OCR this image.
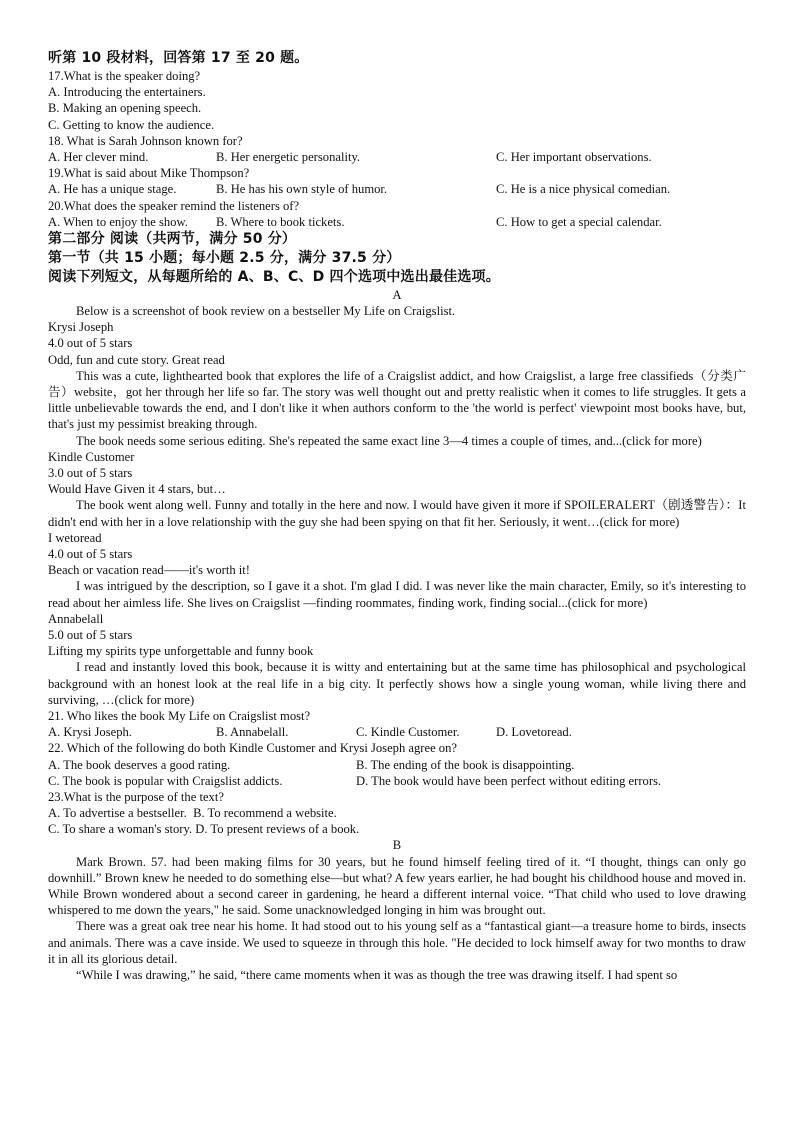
听第 10 段材料，回答第 17 至 20 题。
17.What is the speaker doing?
A. Introducing the entertainers.
B. Making an opening speech.
C. Getting to know the audience.
18. What is Sarah Johnson known for?
A. Her clever mind.	B. Her energetic personality.	C. Her important observations.
19.What is said about Mike Thompson?
A. He has a unique stage.	B. He has his own style of humor.	C. He is a nice physical comedian.
20.What does the speaker remind the listeners of?
A. When to enjoy the show.	B. Where to book tickets.	C. How to get a special calendar.
第二部分 阅读（共两节，满分 50 分）
第一节（共 15 小题；每小题 2.5 分，满分 37.5 分）
阅读下列短文，从每题所给的 A、B、C、D 四个选项中选出最佳选项。
A
Below is a screenshot of book review on a bestseller My Life on Craigslist.
Krysi Joseph
4.0 out of 5 stars
Odd, fun and cute story. Great read
This was a cute, lighthearted book that explores the life of a Craigslist addict, and how Craigslist, a large free classifieds（分类广告）website，got her through her life so far. The story was well thought out and pretty realistic when it comes to life struggles. It gets a little unbelievable towards the end, and I don't like it when authors conform to the 'the world is perfect' viewpoint most books have, but, that's just my pessimist breaking through.
The book needs some serious editing. She's repeated the same exact line 3—4 times a couple of times, and...(click for more)
Kindle Customer
3.0 out of 5 stars
Would Have Given it 4 stars, but…
The book went along well. Funny and totally in the here and now. I would have given it more if SPOILERALERT（剧透警告）：It didn't end with her in a love relationship with the guy she had been spying on that fit her. Seriously, it went…(click for more)
I wetoread
4.0 out of 5 stars
Beach or vacation read——it's worth it!
I was intrigued by the description, so I gave it a shot. I'm glad I did. I was never like the main character, Emily, so it's interesting to read about her aimless life. She lives on Craigslist —finding roommates, finding work, finding social...(click for more)
Annabelall
5.0 out of 5 stars
Lifting my spirits type unforgettable and funny book
I read and instantly loved this book, because it is witty and entertaining but at the same time has philosophical and psychological background with an honest look at the real life in a big city. It perfectly shows how a single young woman, while living there and surviving, …(click for more)
21. Who likes the book My Life on Craigslist most?
A. Krysi Joseph.	B. Annabelall.	C. Kindle Customer.	D. Lovetoread.
22. Which of the following do both Kindle Customer and Krysi Joseph agree on?
A. The book deserves a good rating.	B. The ending of the book is disappointing.
C. The book is popular with Craigslist addicts.	D. The book would have been perfect without editing errors.
23.What is the purpose of the text?
A. To advertise a bestseller. B. To recommend a website.
C. To share a woman's story. D. To present reviews of a book.
B
Mark Brown. 57. had been making films for 30 years, but he found himself feeling tired of it. “I thought, things can only go downhill.” Brown knew he needed to do something else—but what? A few years earlier, he had bought his childhood house and moved in. While Brown wondered about a second career in gardening, he heard a different internal voice. “That child who used to love drawing whispered to me down the years," he said. Some unacknowledged longing in him was brought out.
There was a great oak tree near his home. It had stood out to his young self as a “fantastical giant—a treasure home to birds, insects and animals. There was a cave inside. We used to squeeze in through this hole. "He decided to lock himself away for two months to draw it in all its glorious detail.
“While I was drawing,” he said, “there came moments when it was as though the tree was drawing itself. I had spent so
